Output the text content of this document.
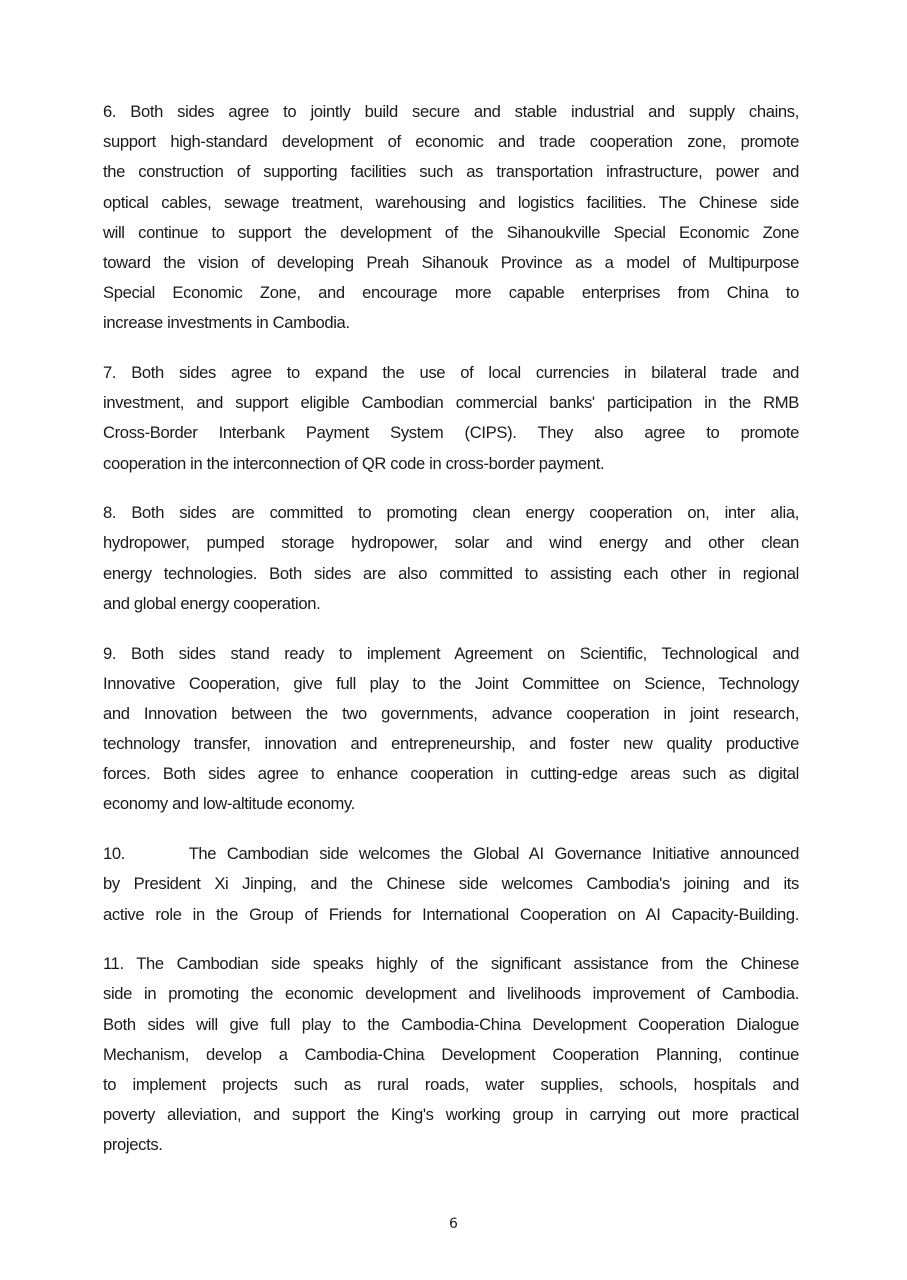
6. Both sides agree to jointly build secure and stable industrial and supply chains,
support high-standard development of economic and trade cooperation zone, promote
the construction of supporting facilities such as transportation infrastructure, power and
optical cables, sewage treatment, warehousing and logistics facilities. The Chinese side
will continue to support the development of the Sihanoukville Special Economic Zone
toward the vision of developing Preah Sihanouk Province as a model of Multipurpose
Special Economic Zone, and encourage more capable enterprises from China to
increase investments in Cambodia.
7. Both sides agree to expand the use of local currencies in bilateral trade and
investment, and support eligible Cambodian commercial banks' participation in the RMB
Cross-Border Interbank Payment System (CIPS). They also agree to promote
cooperation in the interconnection of QR code in cross-border payment.
8. Both sides are committed to promoting clean energy cooperation on, inter alia,
hydropower, pumped storage hydropower, solar and wind energy and other clean
energy technologies. Both sides are also committed to assisting each other in regional
and global energy cooperation.
9. Both sides stand ready to implement Agreement on Scientific, Technological and
Innovative Cooperation, give full play to the Joint Committee on Science, Technology
and Innovation between the two governments, advance cooperation in joint research,
technology transfer, innovation and entrepreneurship, and foster new quality productive
forces. Both sides agree to enhance cooperation in cutting-edge areas such as digital
economy and low-altitude economy.
10.      The Cambodian side welcomes the Global AI Governance Initiative announced
by President Xi Jinping, and the Chinese side welcomes Cambodia's joining and its
active role in the Group of Friends for International Cooperation on AI Capacity-Building.
11. The Cambodian side speaks highly of the significant assistance from the Chinese
side in promoting the economic development and livelihoods improvement of Cambodia.
Both sides will give full play to the Cambodia-China Development Cooperation Dialogue
Mechanism, develop a Cambodia-China Development Cooperation Planning, continue
to implement projects such as rural roads, water supplies, schools, hospitals and
poverty alleviation, and support the King's working group in carrying out more practical
projects.
6
